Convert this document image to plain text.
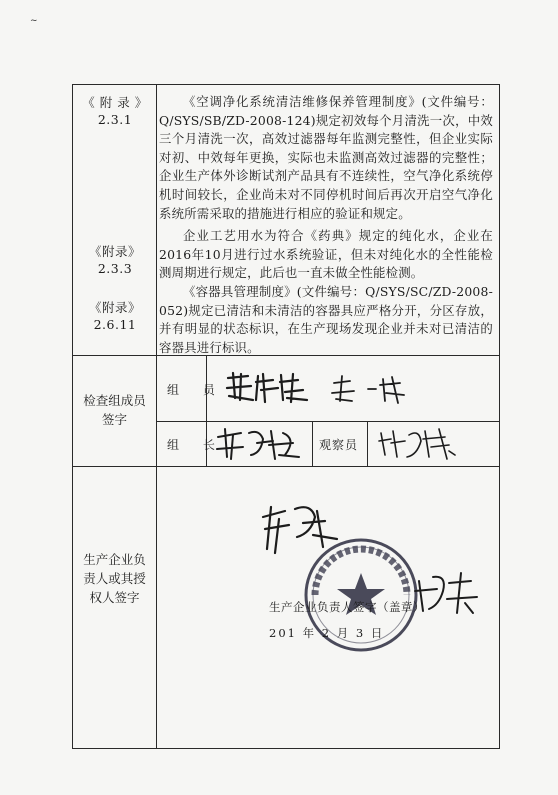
~
《 附 录 》
2.3.1
《空调净化系统清洁维修保养管理制度》(文件编号：Q/SYS/SB/ZD-2008-124)规定初效每个月清洗一次，中效三个月清洗一次，高效过滤器每年监测完整性，但企业实际对初、中效每年更换，实际也未监测高效过滤器的完整性；企业生产体外诊断试剂产品具有不连续性，空气净化系统停机时间较长，企业尚未对不同停机时间后再次开启空气净化系统所需采取的措施进行相应的验证和规定。
《附录》
2.3.3
企业工艺用水为符合《药典》规定的纯化水，企业在2016年10月进行过水系统验证，但未对纯化水的全性能检测周期进行规定，此后也一直未做全性能检测。
《附录》
2.6.11
《容器具管理制度》(文件编号：Q/SYS/SC/ZD-2008-052)规定已清洁和未清洁的容器具应严格分开，分区存放，并有明显的状态标识，在生产现场发现企业并未对已清洁的容器具进行标识。
检查组成员
签字
组 员
组 长	观察员
生产企业负
责人或其授
权人签字
生产企业负责人签字（盖章）
201 年 2 月 3 日
